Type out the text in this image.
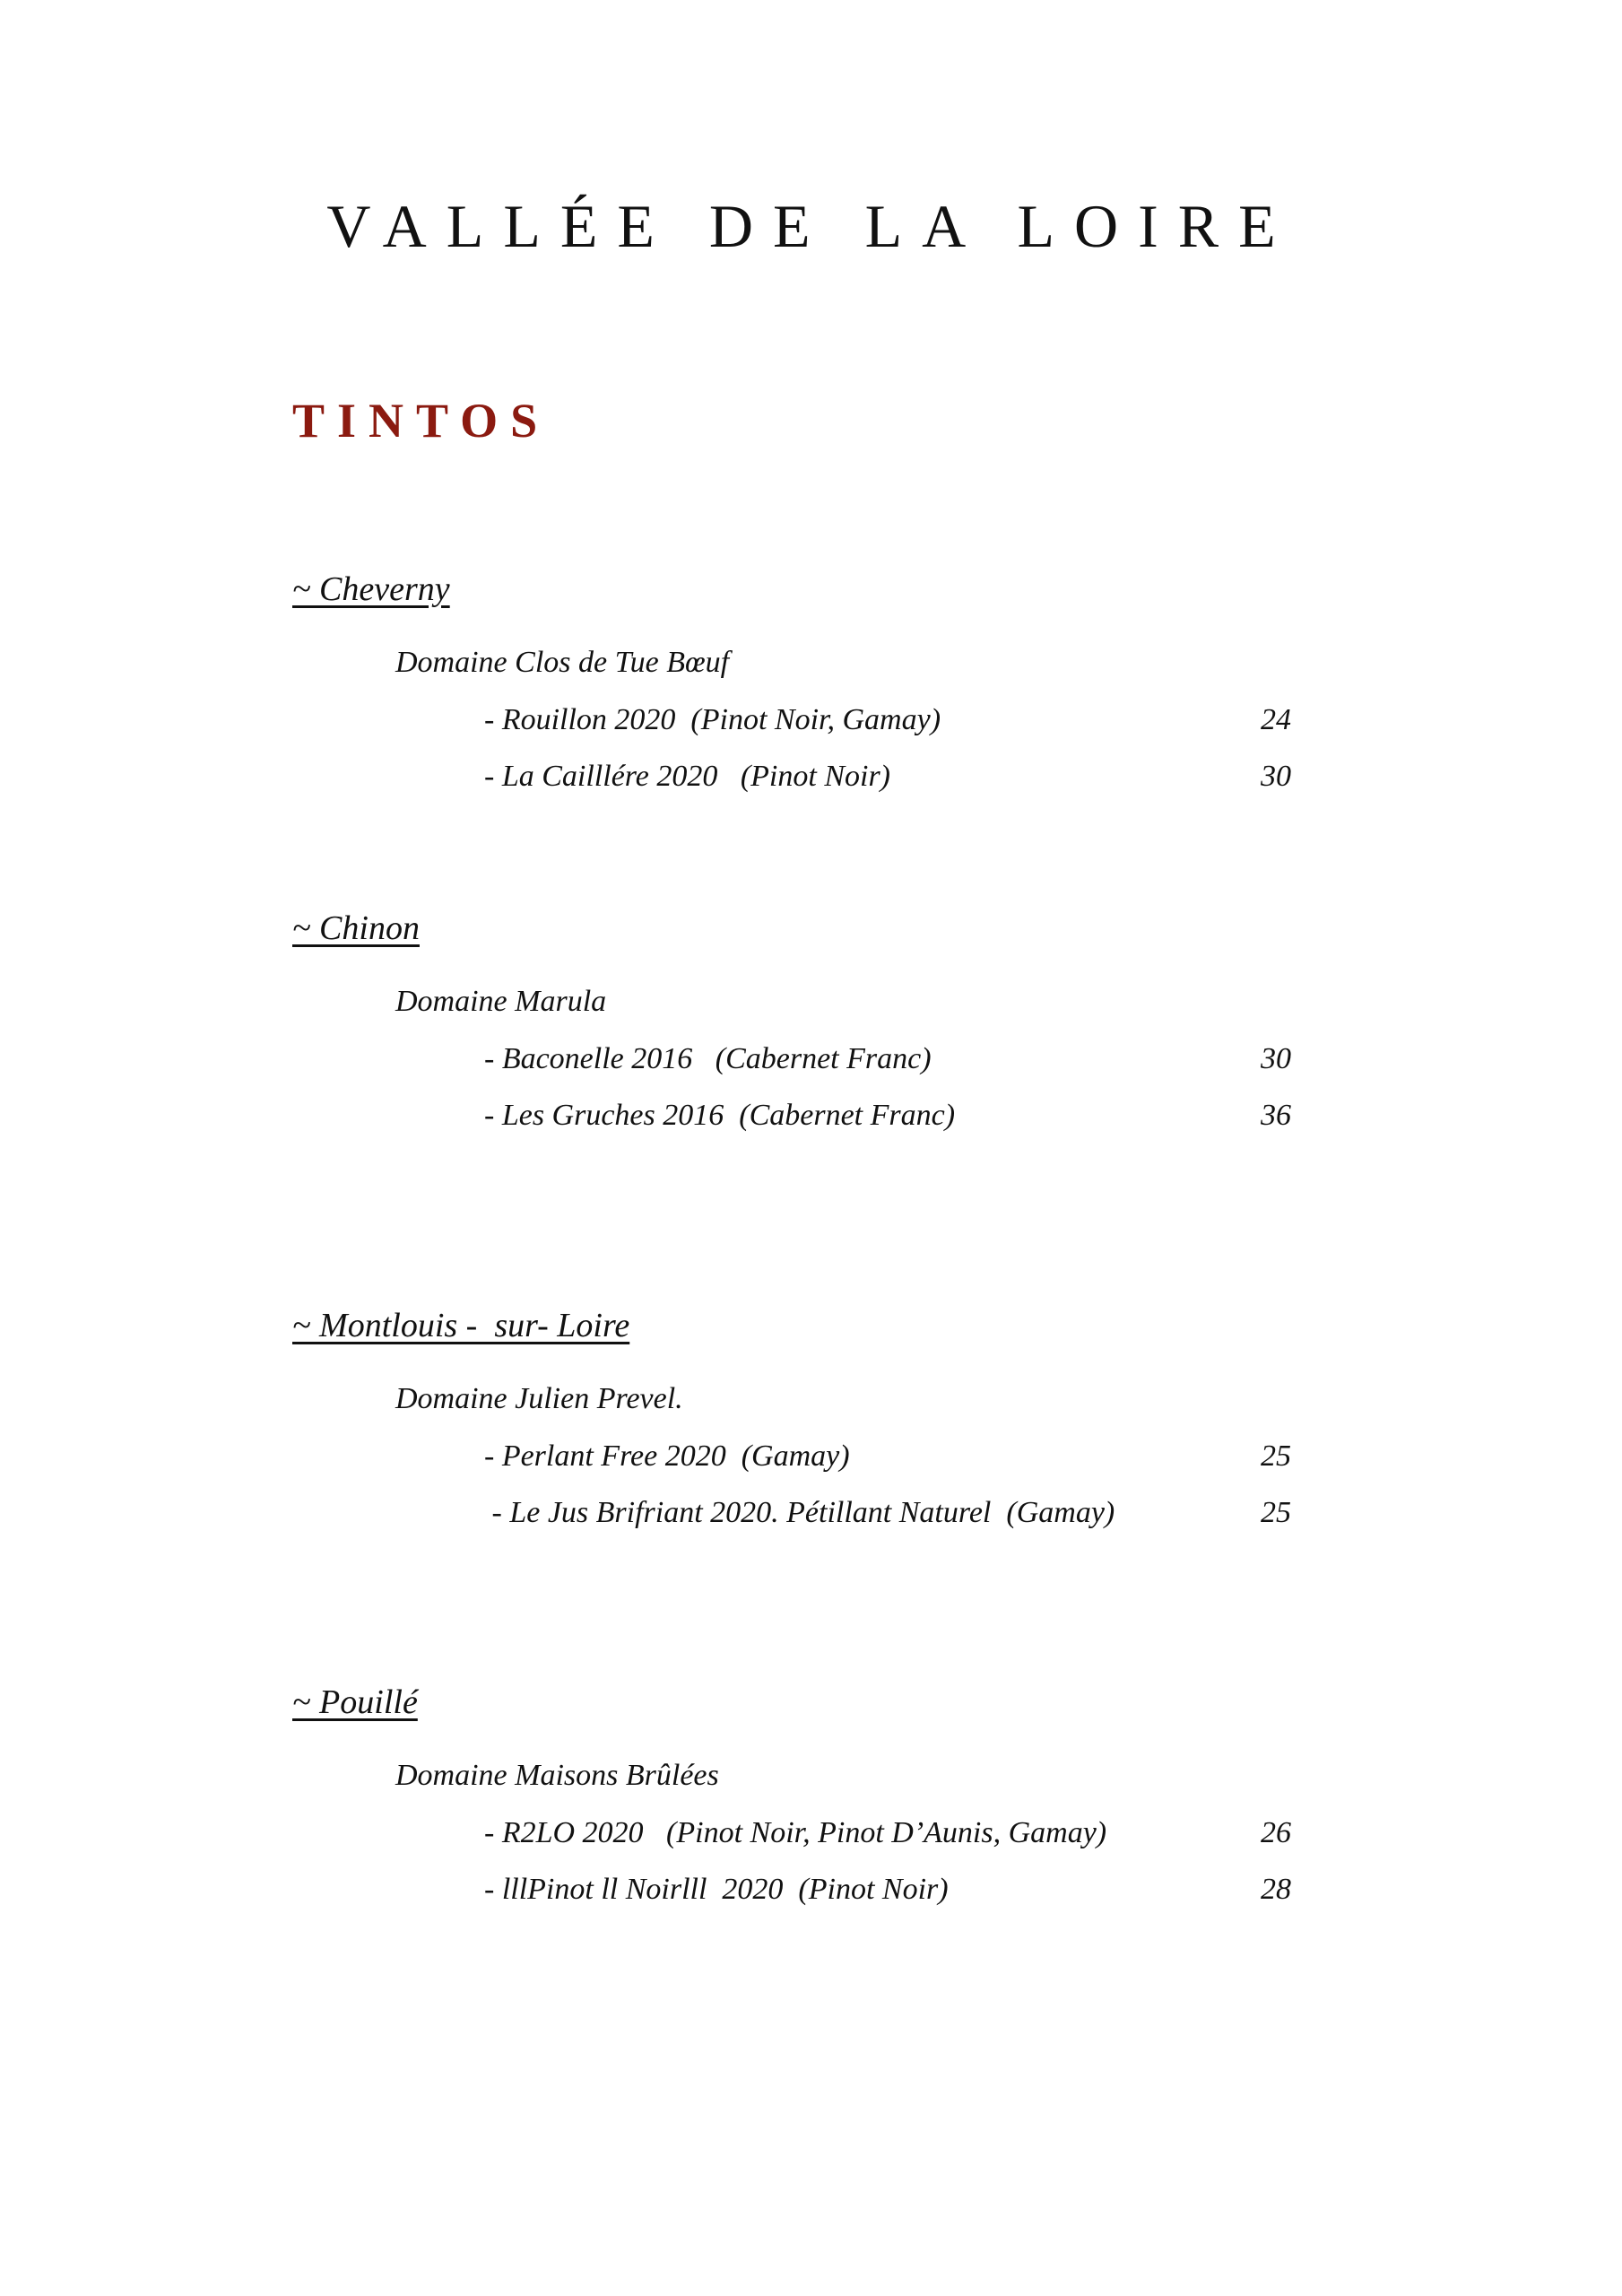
VALLÉE DE LA LOIRE
TINTOS
~ Cheverny
Domaine Clos de Tue Bœuf
- Rouillon 2020  (Pinot Noir, Gamay)	24
- La Cailllére 2020   (Pinot Noir)	30
~ Chinon
Domaine Marula
- Baconelle 2016   (Cabernet Franc)	30
- Les Gruches 2016  (Cabernet Franc)	36
~ Montlouis -  sur- Loire
Domaine Julien Prevel.
- Perlant Free 2020  (Gamay)	25
- Le Jus Brifriant 2020. Pétillant Naturel  (Gamay)	25
~ Pouillé
Domaine Maisons Brûlées
- R2LO 2020   (Pinot Noir, Pinot D’Aunis, Gamay)	26
- lllPinot ll Noirlll  2020  (Pinot Noir)	28
